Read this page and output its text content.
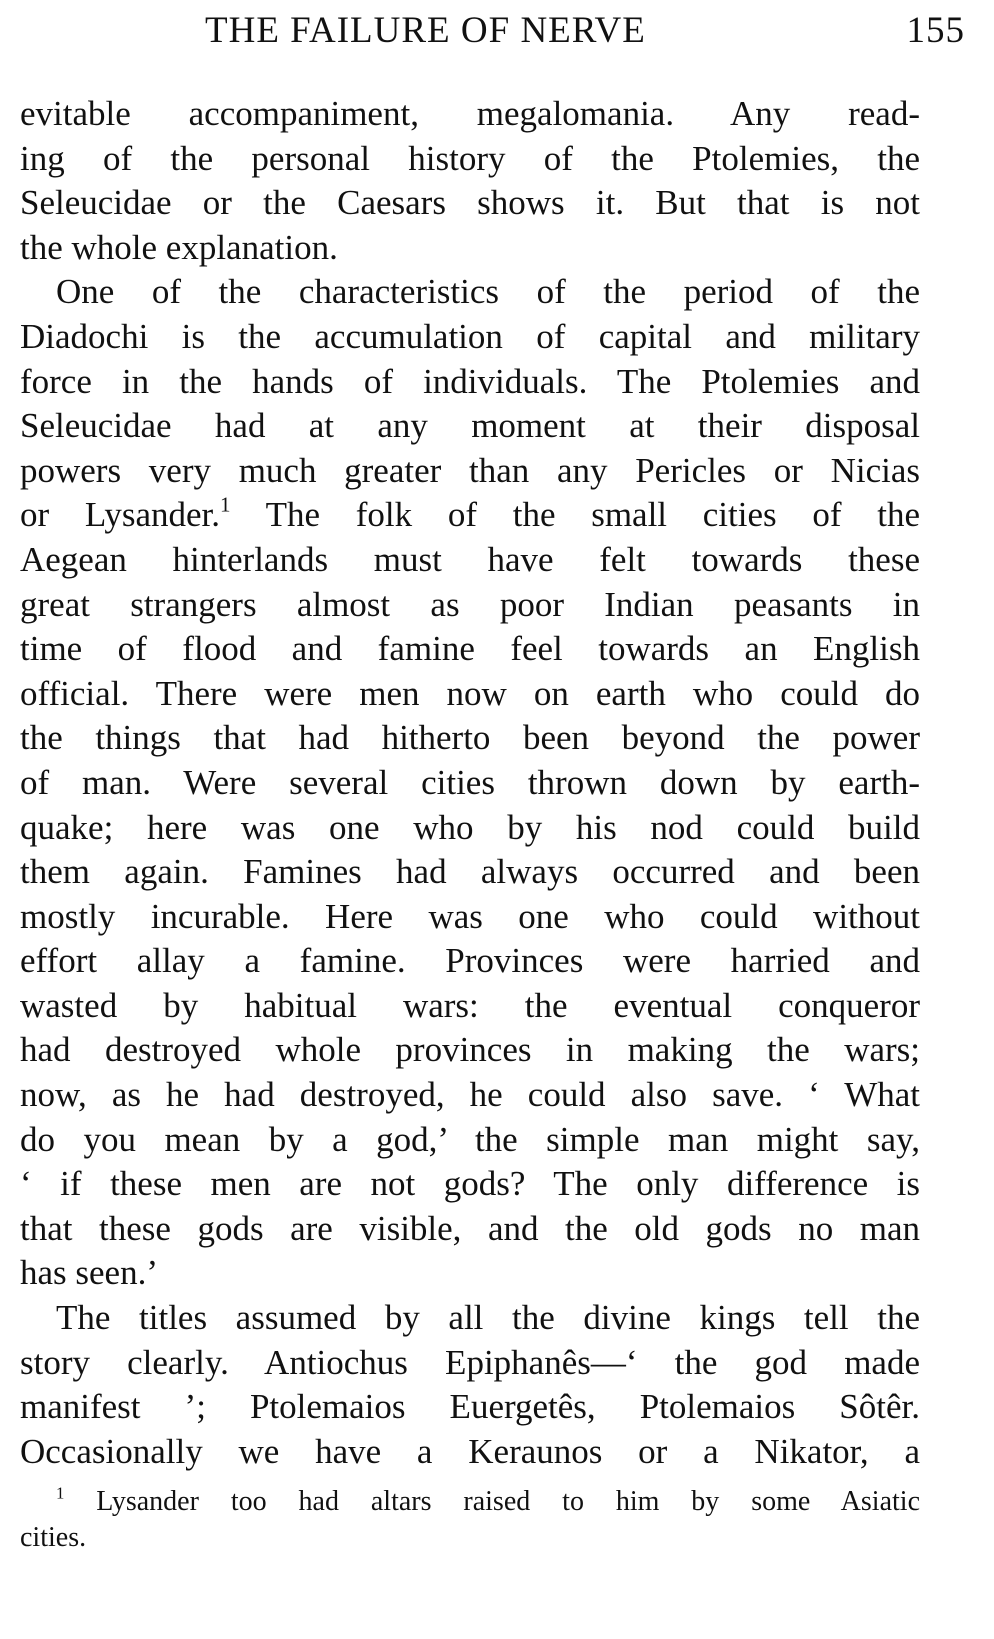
THE FAILURE OF NERVE	155
evitable accompaniment, megalomania. Any read-
ing of the personal history of the Ptolemies, the
Seleucidae or the Caesars shows it. But that is not
the whole explanation.
One of the characteristics of the period of the
Diadochi is the accumulation of capital and military
force in the hands of individuals. The Ptolemies and
Seleucidae had at any moment at their disposal
powers very much greater than any Pericles or Nicias
or Lysander.$^1$ The folk of the small cities of the
Aegean hinterlands must have felt towards these
great strangers almost as poor Indian peasants in
time of flood and famine feel towards an English
official. There were men now on earth who could do
the things that had hitherto been beyond the power
of man. Were several cities thrown down by earth-
quake; here was one who by his nod could build
them again. Famines had always occurred and been
mostly incurable. Here was one who could without
effort allay a famine. Provinces were harried and
wasted by habitual wars: the eventual conqueror
had destroyed whole provinces in making the wars;
now, as he had destroyed, he could also save. ‘ What
do you mean by a god,’ the simple man might say,
‘ if these men are not gods? The only difference is
that these gods are visible, and the old gods no man
has seen.’
The titles assumed by all the divine kings tell the
story clearly. Antiochus Epiphanês—‘ the god made
manifest ’; Ptolemaios Euergetês, Ptolemaios Sôtêr.
Occasionally we have a Keraunos or a Nikator, a
$^1$ Lysander too had altars raised to him by some Asiatic
cities.
